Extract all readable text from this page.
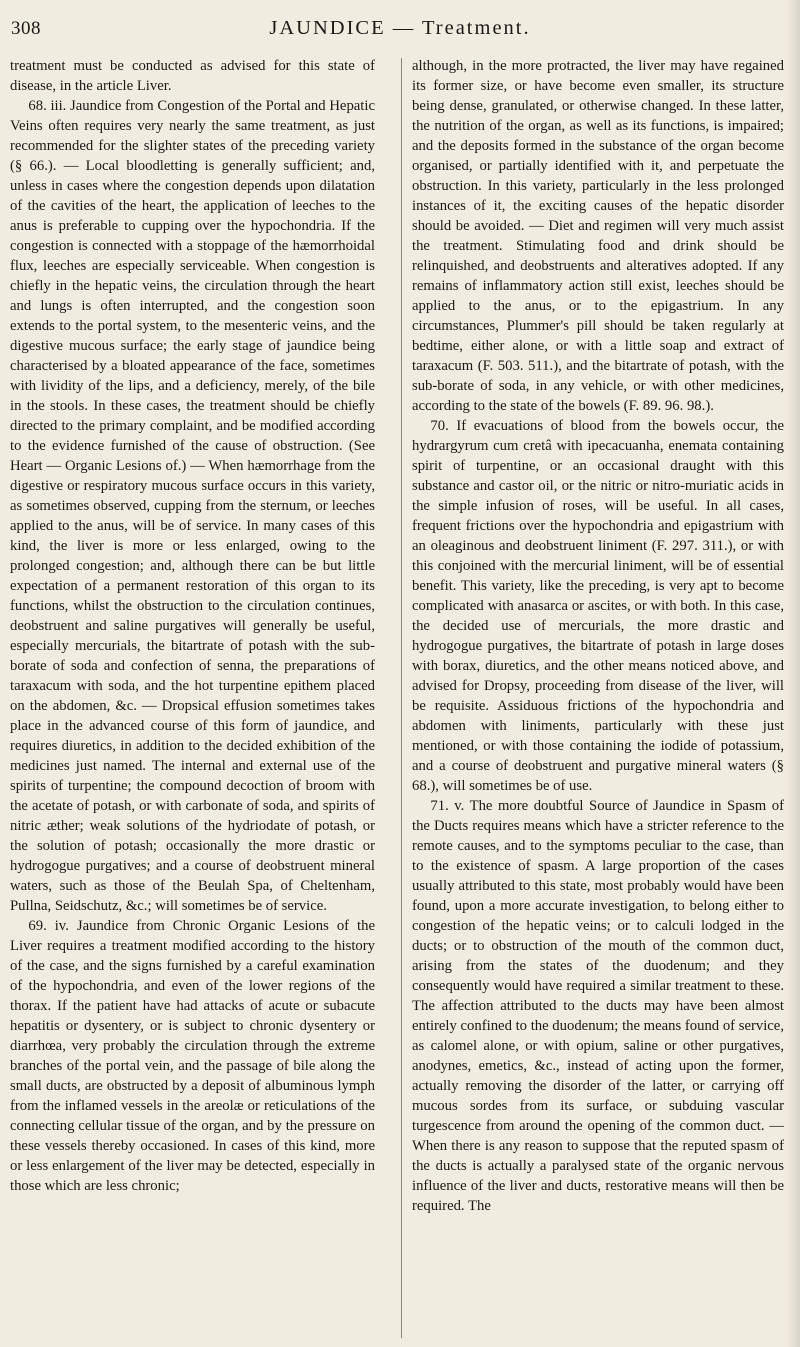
308	JAUNDICE — Treatment.

treatment must be conducted as advised for this state of disease, in the article Liver.

68. iii. Jaundice from Congestion of the Portal and Hepatic Veins often requires very nearly the same treatment, as just recommended for the slighter states of the preceding variety (§ 66.). — Local bloodletting is generally sufficient; and, unless in cases where the congestion depends upon dilatation of the cavities of the heart, the application of leeches to the anus is preferable to cupping over the hypochondria. If the congestion is connected with a stoppage of the hæmorrhoidal flux, leeches are especially serviceable. When congestion is chiefly in the hepatic veins, the circulation through the heart and lungs is often interrupted, and the congestion soon extends to the portal system, to the mesenteric veins, and the digestive mucous surface; the early stage of jaundice being characterised by a bloated appearance of the face, sometimes with lividity of the lips, and a deficiency, merely, of the bile in the stools. In these cases, the treatment should be chiefly directed to the primary complaint, and be modified according to the evidence furnished of the cause of obstruction. (See Heart — Organic Lesions of.) — When hæmorrhage from the digestive or respiratory mucous surface occurs in this variety, as sometimes observed, cupping from the sternum, or leeches applied to the anus, will be of service. In many cases of this kind, the liver is more or less enlarged, owing to the prolonged congestion; and, although there can be but little expectation of a permanent restoration of this organ to its functions, whilst the obstruction to the circulation continues, deobstruent and saline purgatives will generally be useful, especially mercurials, the bitartrate of potash with the sub-borate of soda and confection of senna, the preparations of taraxacum with soda, and the hot turpentine epithem placed on the abdomen, &c. — Dropsical effusion sometimes takes place in the advanced course of this form of jaundice, and requires diuretics, in addition to the decided exhibition of the medicines just named. The internal and external use of the spirits of turpentine; the compound decoction of broom with the acetate of potash, or with carbonate of soda, and spirits of nitric æther; weak solutions of the hydriodate of potash, or the solution of potash; occasionally the more drastic or hydrogogue purgatives; and a course of deobstruent mineral waters, such as those of the Beulah Spa, of Cheltenham, Pullna, Seidschutz, &c.; will sometimes be of service.

69. iv. Jaundice from Chronic Organic Lesions of the Liver requires a treatment modified according to the history of the case, and the signs furnished by a careful examination of the hypochondria, and even of the lower regions of the thorax. If the patient have had attacks of acute or subacute hepatitis or dysentery, or is subject to chronic dysentery or diarrhœa, very probably the circulation through the extreme branches of the portal vein, and the passage of bile along the small ducts, are obstructed by a deposit of albuminous lymph from the inflamed vessels in the areolæ or reticulations of the connecting cellular tissue of the organ, and by the pressure on these vessels thereby occasioned. In cases of this kind, more or less enlargement of the liver may be detected, especially in those which are less chronic;

although, in the more protracted, the liver may have regained its former size, or have become even smaller, its structure being dense, granulated, or otherwise changed. In these latter, the nutrition of the organ, as well as its functions, is impaired; and the deposits formed in the substance of the organ become organised, or partially identified with it, and perpetuate the obstruction. In this variety, particularly in the less prolonged instances of it, the exciting causes of the hepatic disorder should be avoided. — Diet and regimen will very much assist the treatment. Stimulating food and drink should be relinquished, and deobstruents and alteratives adopted. If any remains of inflammatory action still exist, leeches should be applied to the anus, or to the epigastrium. In any circumstances, Plummer's pill should be taken regularly at bedtime, either alone, or with a little soap and extract of taraxacum (F. 503. 511.), and the bitartrate of potash, with the sub-borate of soda, in any vehicle, or with other medicines, according to the state of the bowels (F. 89. 96. 98.).

70. If evacuations of blood from the bowels occur, the hydrargyrum cum cretâ with ipecacuanha, enemata containing spirit of turpentine, or an occasional draught with this substance and castor oil, or the nitric or nitro-muriatic acids in the simple infusion of roses, will be useful. In all cases, frequent frictions over the hypochondria and epigastrium with an oleaginous and deobstruent liniment (F. 297. 311.), or with this conjoined with the mercurial liniment, will be of essential benefit. This variety, like the preceding, is very apt to become complicated with anasarca or ascites, or with both. In this case, the decided use of mercurials, the more drastic and hydrogogue purgatives, the bitartrate of potash in large doses with borax, diuretics, and the other means noticed above, and advised for Dropsy, proceeding from disease of the liver, will be requisite. Assiduous frictions of the hypochondria and abdomen with liniments, particularly with these just mentioned, or with those containing the iodide of potassium, and a course of deobstruent and purgative mineral waters (§ 68.), will sometimes be of use.

71. v. The more doubtful Source of Jaundice in Spasm of the Ducts requires means which have a stricter reference to the remote causes, and to the symptoms peculiar to the case, than to the existence of spasm. A large proportion of the cases usually attributed to this state, most probably would have been found, upon a more accurate investigation, to belong either to congestion of the hepatic veins; or to calculi lodged in the ducts; or to obstruction of the mouth of the common duct, arising from the states of the duodenum; and they consequently would have required a similar treatment to these. The affection attributed to the ducts may have been almost entirely confined to the duodenum; the means found of service, as calomel alone, or with opium, saline or other purgatives, anodynes, emetics, &c., instead of acting upon the former, actually removing the disorder of the latter, or carrying off mucous sordes from its surface, or subduing vascular turgescence from around the opening of the common duct. — When there is any reason to suppose that the reputed spasm of the ducts is actually a paralysed state of the organic nervous influence of the liver and ducts, restorative means will then be required. The
